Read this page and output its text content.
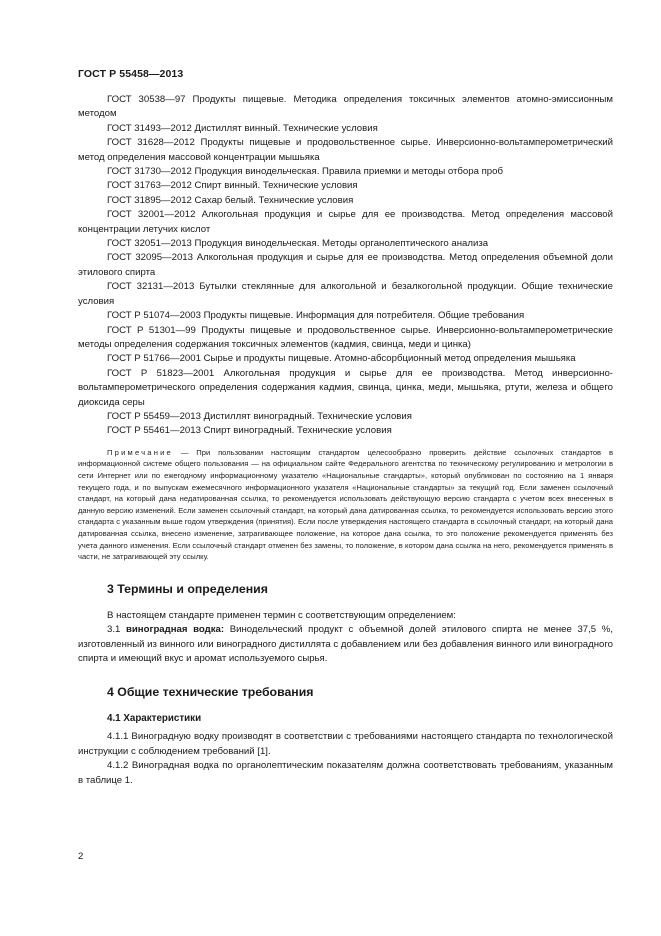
ГОСТ Р 55458—2013
ГОСТ 30538—97 Продукты пищевые. Методика определения токсичных элементов атомно-эмиссионным методом
ГОСТ 31493—2012 Дистиллят винный. Технические условия
ГОСТ 31628—2012 Продукты пищевые и продовольственное сырье. Инверсионно-вольтамперометрический метод определения массовой концентрации мышьяка
ГОСТ 31730—2012 Продукция винодельческая. Правила приемки и методы отбора проб
ГОСТ 31763—2012 Спирт винный. Технические условия
ГОСТ 31895—2012 Сахар белый. Технические условия
ГОСТ 32001—2012 Алкогольная продукция и сырье для ее производства. Метод определения массовой концентрации летучих кислот
ГОСТ 32051—2013 Продукция винодельческая. Методы органолептического анализа
ГОСТ 32095—2013 Алкогольная продукция и сырье для ее производства. Метод определения объемной доли этилового спирта
ГОСТ 32131—2013 Бутылки стеклянные для алкогольной и безалкогольной продукции. Общие технические условия
ГОСТ Р 51074—2003 Продукты пищевые. Информация для потребителя. Общие требования
ГОСТ Р 51301—99 Продукты пищевые и продовольственное сырье. Инверсионно-вольтамперометрические методы определения содержания токсичных элементов (кадмия, свинца, меди и цинка)
ГОСТ Р 51766—2001 Сырье и продукты пищевые. Атомно-абсорбционный метод определения мышьяка
ГОСТ Р 51823—2001 Алкогольная продукция и сырье для ее производства. Метод инверсионно-вольтамперометрического определения содержания кадмия, свинца, цинка, меди, мышьяка, ртути, железа и общего диоксида серы
ГОСТ Р 55459—2013 Дистиллят виноградный. Технические условия
ГОСТ Р 55461—2013 Спирт виноградный. Технические условия
Примечание — При пользовании настоящим стандартом целесообразно проверить действие ссылочных стандартов в информационной системе общего пользования — на официальном сайте Федерального агентства по техническому регулированию и метрологии в сети Интернет или по ежегодному информационному указателю «Национальные стандарты», который опубликован по состоянию на 1 января текущего года, и по выпускам ежемесячного информационного указателя «Национальные стандарты» за текущий год. Если заменен ссылочный стандарт, на который дана недатированная ссылка, то рекомендуется использовать действующую версию стандарта с учетом всех внесенных в данную версию изменений. Если заменен ссылочный стандарт, на который дана датированная ссылка, то рекомендуется использовать версию этого стандарта с указанным выше годом утверждения (принятия). Если после утверждения настоящего стандарта в ссылочный стандарт, на который дана датированная ссылка, внесено изменение, затрагивающее положение, на которое дана ссылка, то это положение рекомендуется применять без учета данного изменения. Если ссылочный стандарт отменен без замены, то положение, в котором дана ссылка на него, рекомендуется применять в части, не затрагивающей эту ссылку.
3 Термины и определения
В настоящем стандарте применен термин с соответствующим определением:
3.1 виноградная водка: Винодельческий продукт с объемной долей этилового спирта не менее 37,5 %, изготовленный из винного или виноградного дистиллята с добавлением или без добавления винного или виноградного спирта и имеющий вкус и аромат используемого сырья.
4 Общие технические требования
4.1 Характеристики
4.1.1 Виноградную водку производят в соответствии с требованиями настоящего стандарта по технологической инструкции с соблюдением требований [1].
4.1.2 Виноградная водка по органолептическим показателям должна соответствовать требованиям, указанным в таблице 1.
2
